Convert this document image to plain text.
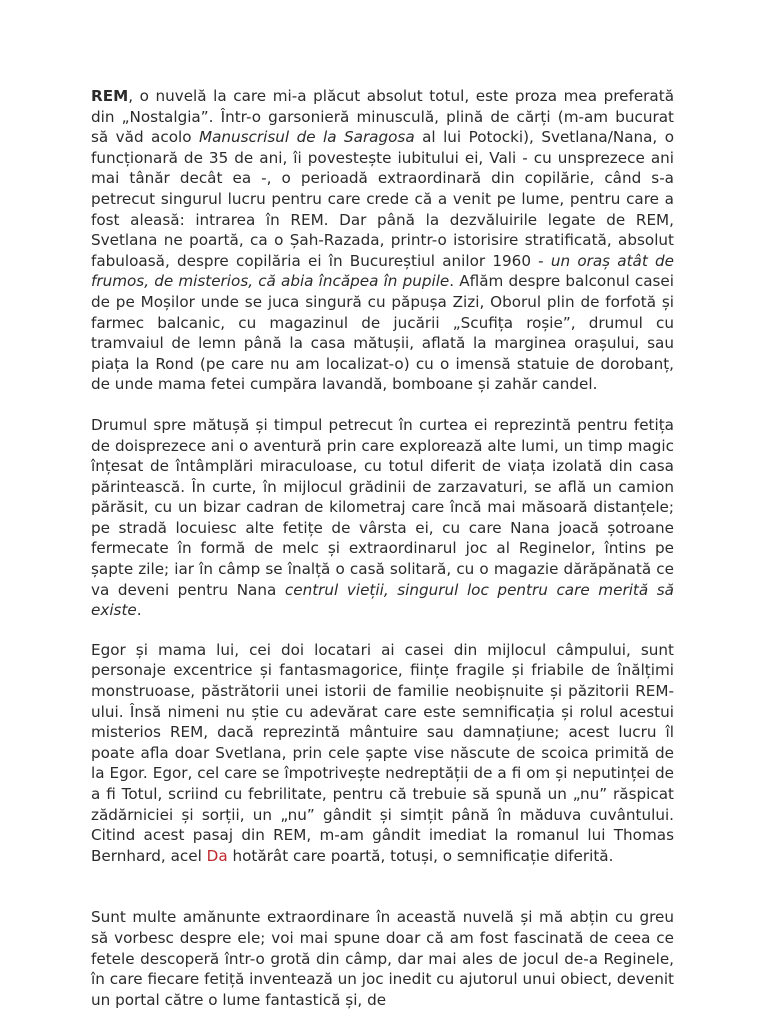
REM, o nuvelă la care mi-a plăcut absolut totul, este proza mea preferată din „Nostalgia”. Într-o garsonieră minusculă, plină de cărți (m-am bucurat să văd acolo Manuscrisul de la Saragosa al lui Potocki), Svetlana/Nana, o funcționară de 35 de ani, îi povestește iubitului ei, Vali - cu unsprezece ani mai tânăr decât ea -, o perioadă extraordinară din copilărie, când s-a petrecut singurul lucru pentru care crede că a venit pe lume, pentru care a fost aleasă: intrarea în REM. Dar până la dezvăluirile legate de REM, Svetlana ne poartă, ca o Șah-Razada, printr-o istorisire stratificată, absolut fabuloasă, despre copilăria ei în Bucureștiul anilor 1960 - un oraș atât de frumos, de misterios, că abia încăpea în pupile. Aflăm despre balconul casei de pe Moșilor unde se juca singură cu păpușa Zizi, Oborul plin de forfotă și farmec balcanic, cu magazinul de jucării „Scufița roșie”, drumul cu tramvaiul de lemn până la casa mătușii, aflată la marginea orașului, sau piața la Rond (pe care nu am localizat-o) cu o imensă statuie de dorobanț, de unde mama fetei cumpăra lavandă, bomboane și zahăr candel.

Drumul spre mătușă și timpul petrecut în curtea ei reprezintă pentru fetița de doisprezece ani o aventură prin care explorează alte lumi, un timp magic înțesat de întâmplări miraculoase, cu totul diferit de viața izolată din casa părintească. În curte, în mijlocul grădinii de zarzavaturi, se află un camion părăsit, cu un bizar cadran de kilometraj care încă mai măsoară distanțele; pe stradă locuiesc alte fetițe de vârsta ei, cu care Nana joacă șotroane fermecate în formă de melc și extraordinarul joc al Reginelor, întins pe șapte zile; iar în câmp se înalță o casă solitară, cu o magazie dărăpănată ce va deveni pentru Nana centrul vieții, singurul loc pentru care merită să existe.

Egor și mama lui, cei doi locatari ai casei din mijlocul câmpului, sunt personaje excentrice și fantasmagorice, ființe fragile și friabile de înălțimi monstruoase, păstrătorii unei istorii de familie neobișnuite și păzitorii REM-ului. Însă nimeni nu știe cu adevărat care este semnificația și rolul acestui misterios REM, dacă reprezintă mântuire sau damnațiune; acest lucru îl poate afla doar Svetlana, prin cele șapte vise născute de scoica primită de la Egor. Egor, cel care se împotrivește nedreptății de a fi om și neputinței de a fi Totul, scriind cu febrilitate, pentru că trebuie să spună un „nu” răspicat zădărniciei și sorții, un „nu” gândit și simțit până în măduva cuvântului. Citind acest pasaj din REM, m-am gândit imediat la romanul lui Thomas Bernhard, acel Da hotărât care poartă, totuși, o semnificație diferită.

Sunt multe amănunte extraordinare în această nuvelă și mă abțin cu greu să vorbesc despre ele; voi mai spune doar că am fost fascinată de ceea ce fetele descoperă într-o grotă din câmp, dar mai ales de jocul de-a Reginele, în care fiecare fetiță inventează un joc inedit cu ajutorul unui obiect, devenit un portal către o lume fantastică și, de
